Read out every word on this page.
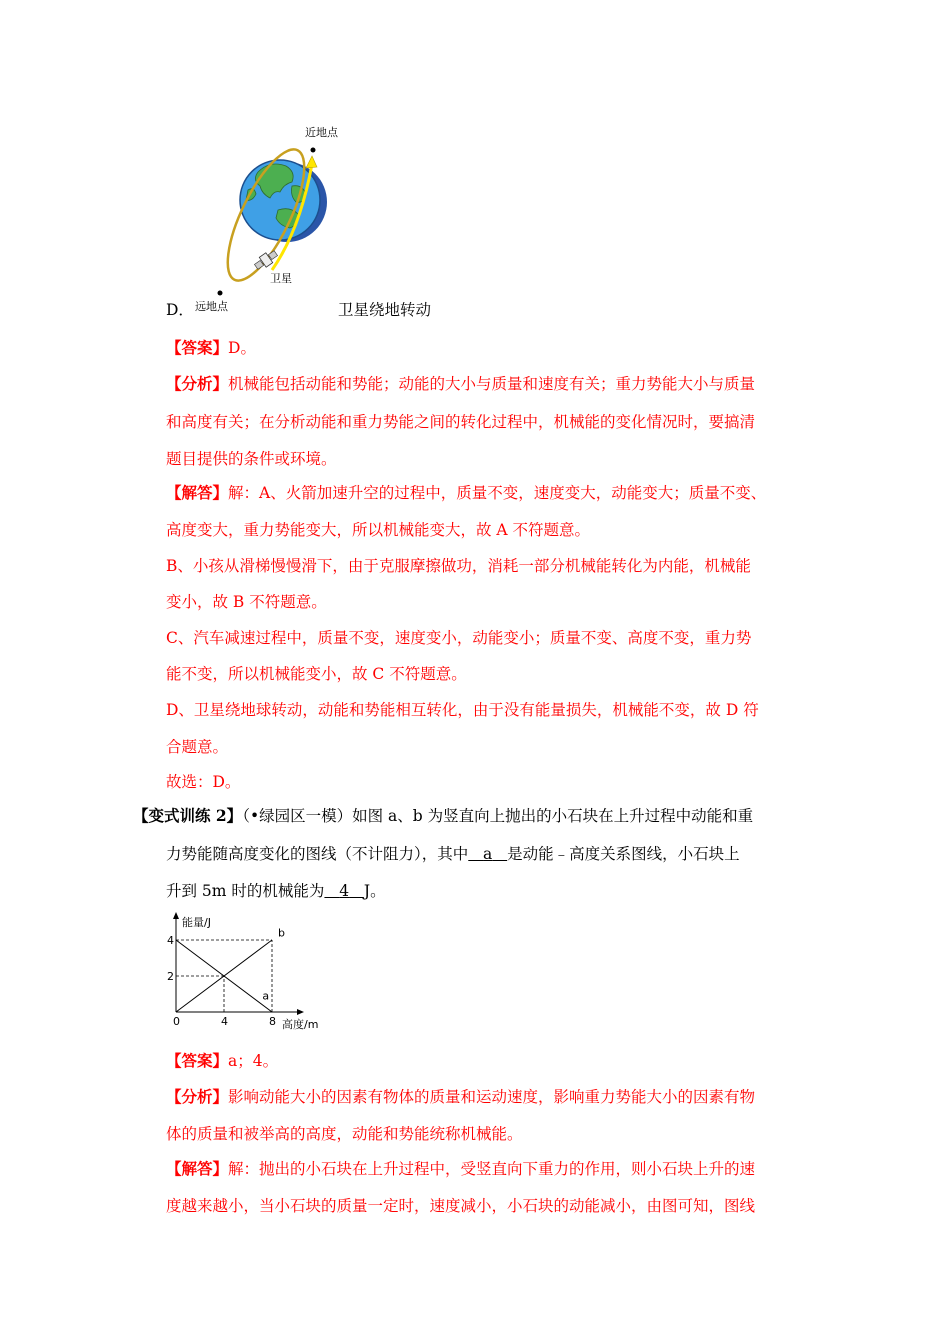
近地点
卫星
远地点
D．	卫星绕地转动
【答案】D。
【分析】机械能包括动能和势能；动能的大小与质量和速度有关；重力势能大小与质量
和高度有关；在分析动能和重力势能之间的转化过程中，机械能的变化情况时，要搞清
题目提供的条件或环境。
【解答】解：A、火箭加速升空的过程中，质量不变，速度变大，动能变大；质量不变、
高度变大，重力势能变大，所以机械能变大，故 A 不符题意。
B、小孩从滑梯慢慢滑下，由于克服摩擦做功，消耗一部分机械能转化为内能，机械能
变小，故 B 不符题意。
C、汽车减速过程中，质量不变，速度变小，动能变小；质量不变、高度不变，重力势
能不变，所以机械能变小，故 C 不符题意。
D、卫星绕地球转动，动能和势能相互转化，由于没有能量损失，机械能不变，故 D 符
合题意。
故选：D。
【变式训练 2】（•绿园区一模）如图 a、b 为竖直向上抛出的小石块在上升过程中动能和重
力势能随高度变化的图线（不计阻力），其中 a 是动能﹣高度关系图线，小石块上
升到 5m 时的机械能为 4 J。
a
b
0	4	8
2
4
能量/J
高度/m
【答案】a；4。
【分析】影响动能大小的因素有物体的质量和运动速度，影响重力势能大小的因素有物
体的质量和被举高的高度，动能和势能统称机械能。
【解答】解：抛出的小石块在上升过程中，受竖直向下重力的作用，则小石块上升的速
度越来越小，当小石块的质量一定时，速度减小，小石块的动能减小，由图可知，图线
